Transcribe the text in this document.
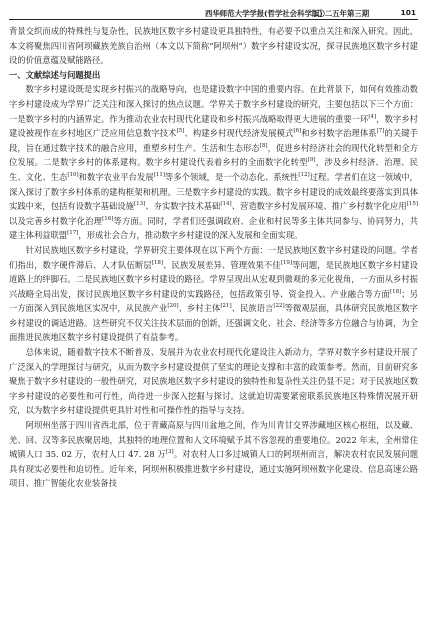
西华师范大学学报(哲学社会科学版)
二〇二五年第三期	101

背景交织而成的特殊性与复杂性，民族地区数字乡村建设更具独特性，有必要予以重点关注和深入研究。因此，本文将聚焦四川省阿坝藏族羌族自治州（本文以下简称“阿坝州”）数字乡村建设实况，探寻民族地区数字乡村建设的价值意蕴及赋能路径。

一、文献综述与问题提出

数字乡村建设既是实现乡村振兴的战略导向，也是建设数字中国的重要内容。在此背景下，如何有效推动数字乡村建设成为学界广泛关注和深入探讨的热点议题。学界关于数字乡村建设的研究，主要包括以下三个方面：一是数字乡村的内涵界定。作为推动农业农村现代化建设和乡村振兴战略取得更大进展的重要一环[4]，数字乡村建设被视作在乡村地区广泛应用信息数字技术[5]、构建乡村现代经济发展模式[6]和乡村数字治理体系[7]的关键手段，旨在通过数字技术的融合应用，重塑乡村生产、生活和生态形态[8]，促进乡村经济社会的现代化转型和全方位发展。二是数字乡村的体系建构。数字乡村建设代表着乡村的全面数字化转型[9]，涉及乡村经济、治理、民生、文化、生态[10]和数字农业平台发展[11]等多个领域，是一个动态化、系统性[12]过程。学者们在这一领域中，深入探讨了数字乡村体系的建构框架和机理。三是数字乡村建设的实践。数字乡村建设的成效最终要落实到具体实践中来，包括有设数字基础设施[13]、夯实数字技术基础[14]、营造数字乡村发展环境、推广乡村数字化应用[15]以及完善乡村数字化治理[16]等方面。同时，学者们还强调政府、企业和村民等多主体共同参与、协同努力，共建主体利益联盟[17]，形成社会合力，推动数字乡村建设的深入发展和全面实现。

针对民族地区数字乡村建设，学界研究主要体现在以下两个方面：一是民族地区数字乡村建设的问题。学者们指出，数字硬件滞后、人才队伍断层[18]、民族发展差异、管理效果不佳[19]等问题，是民族地区数字乡村建设道路上的绊脚石。二是民族地区数字乡村建设的路径。学界呈现出从宏观到微观的多元化视角，一方面从乡村振兴战略全局出发，探讨民族地区数字乡村建设的实践路径，包括政策引导、资金投入、产业融合等方面[18]；另一方面深入到民族地区实况中，从民族产业[20]、乡村主体[21]、民族语言[22]等微观层面，具体研究民族地区数字乡村建设的调适进路。这些研究不仅关注技术层面的创新，还强调文化、社会、经济等多方位融合与协调，为全面推进民族地区数字乡村建设提供了有益参考。

总体来说，随着数字技术不断普及、发展并为农业农村现代化建设注入新动力，学界对数字乡村建设开展了广泛深入的学理探讨与研究，从而为数字乡村建设提供了坚实的理论支撑和丰富的政策参考。然而，目前研究多聚焦于数字乡村建设的一般性研究，对民族地区数字乡村建设的独特性和复杂性关注仍显不足；对于民族地区数字乡村建设的必要性和可行性，尚待进一步深入挖掘与探讨。这就迫切需要紧密联系民族地区特殊情况展开研究，以为数字乡村建设提供更具针对性和可操作性的指导与支持。

阿坝州坐落于四川省西北部，位于青藏高原与四川盆地之间，作为川青甘交界涉藏地区核心枢纽，以及藏、羌、回、汉等多民族聚居地，其独特的地理位置和人文环境赋予其不容忽视的重要地位。2022 年末，全州常住城镇人口 35. 02 万，农村人口 47. 28 万[3]。对农村人口多过城镇人口的阿坝州而言，解决农村农民发展问题具有现实必要性和迫切性。近年来，阿坝州积极推进数字乡村建设，通过实施阿坝州数字化建设、信息高速公路项目、推广智能化农业装备技
